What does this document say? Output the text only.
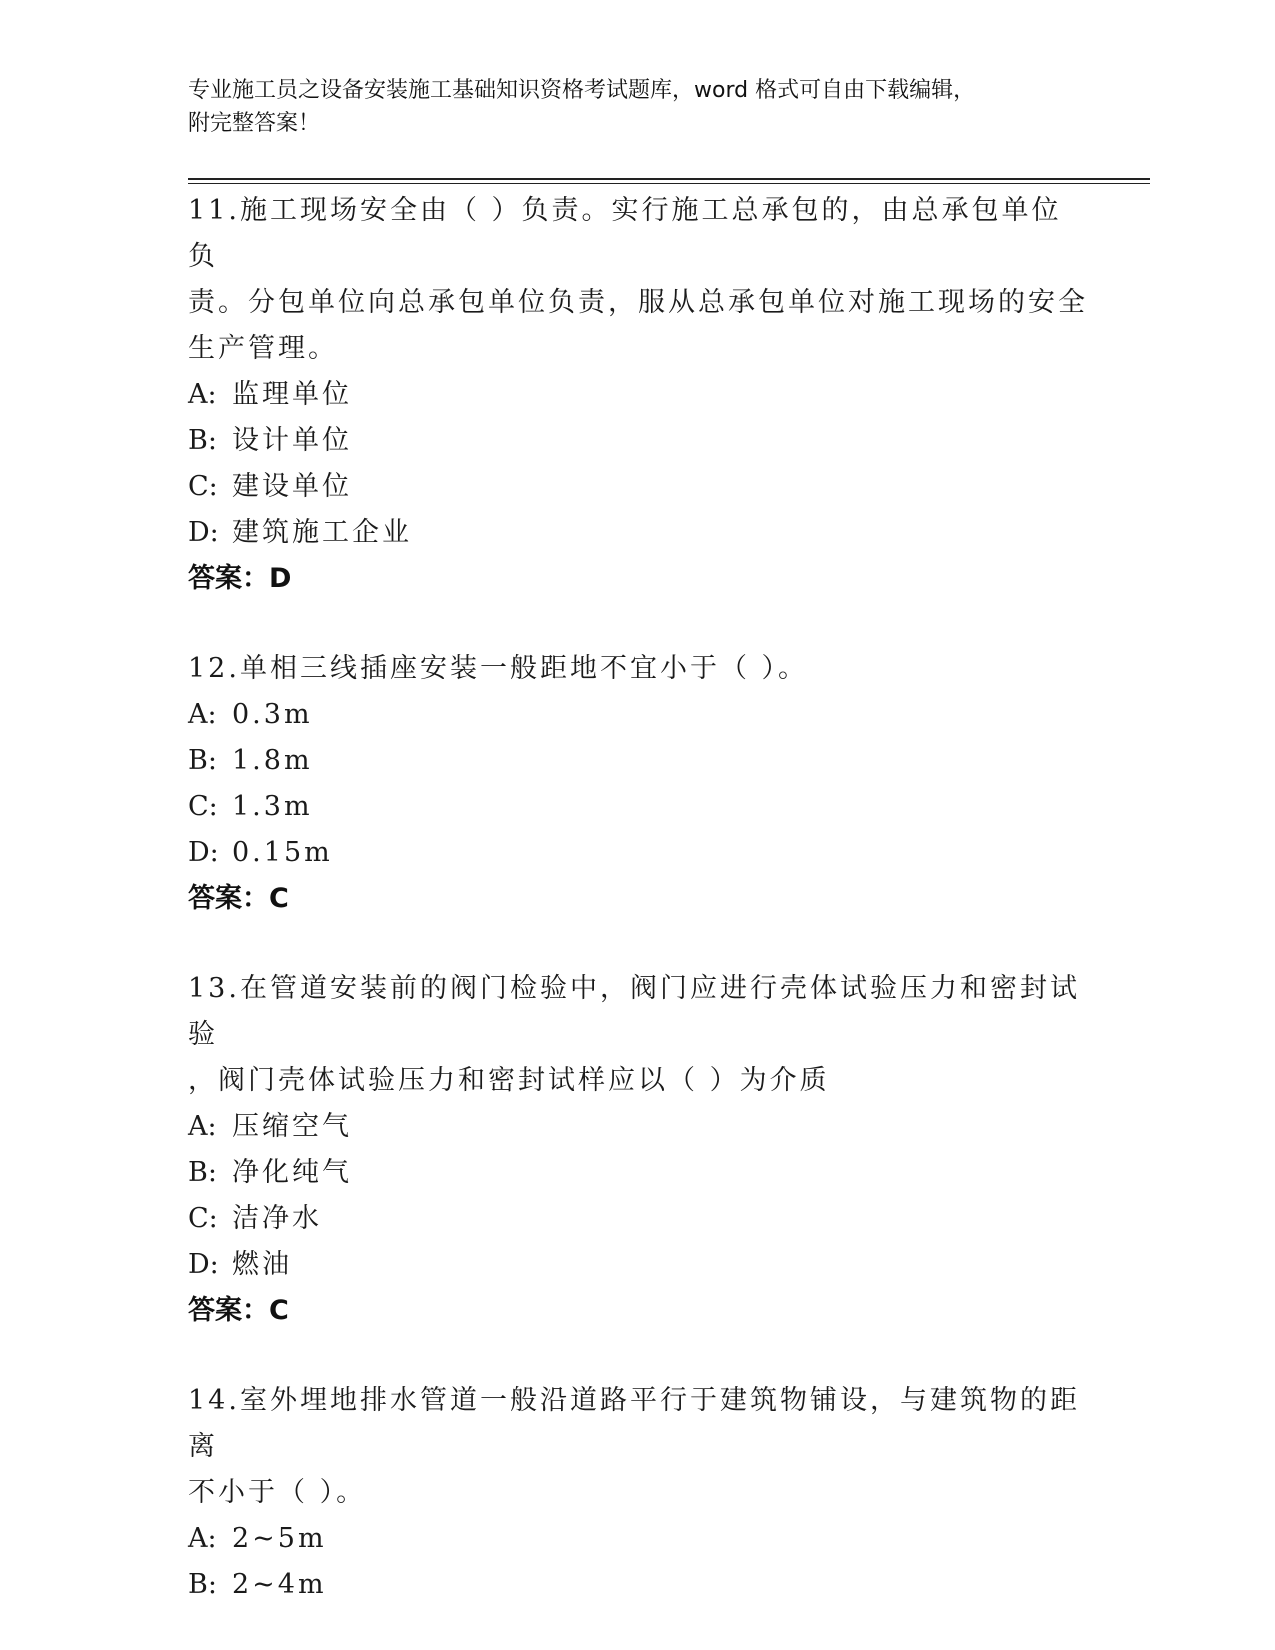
专业施工员之设备安装施工基础知识资格考试题库，word 格式可自由下载编辑，
附完整答案！

11.施工现场安全由（ ）负责。实行施工总承包的，由总承包单位负

责。分包单位向总承包单位负责，服从总承包单位对施工现场的安全

生产管理。

A: 监理单位

B: 设计单位

C: 建设单位

D: 建筑施工企业

答案：D

12.单相三线插座安装一般距地不宜小于（ ）。

A: 0.3m

B: 1.8m

C: 1.3m

D: 0.15m

答案：C

13.在管道安装前的阀门检验中，阀门应进行壳体试验压力和密封试验

，阀门壳体试验压力和密封试样应以（ ）为介质

A: 压缩空气

B: 净化纯气

C: 洁净水

D: 燃油

答案：C

14.室外埋地排水管道一般沿道路平行于建筑物铺设，与建筑物的距离

不小于（ ）。

A: 2~5m

B: 2~4m
